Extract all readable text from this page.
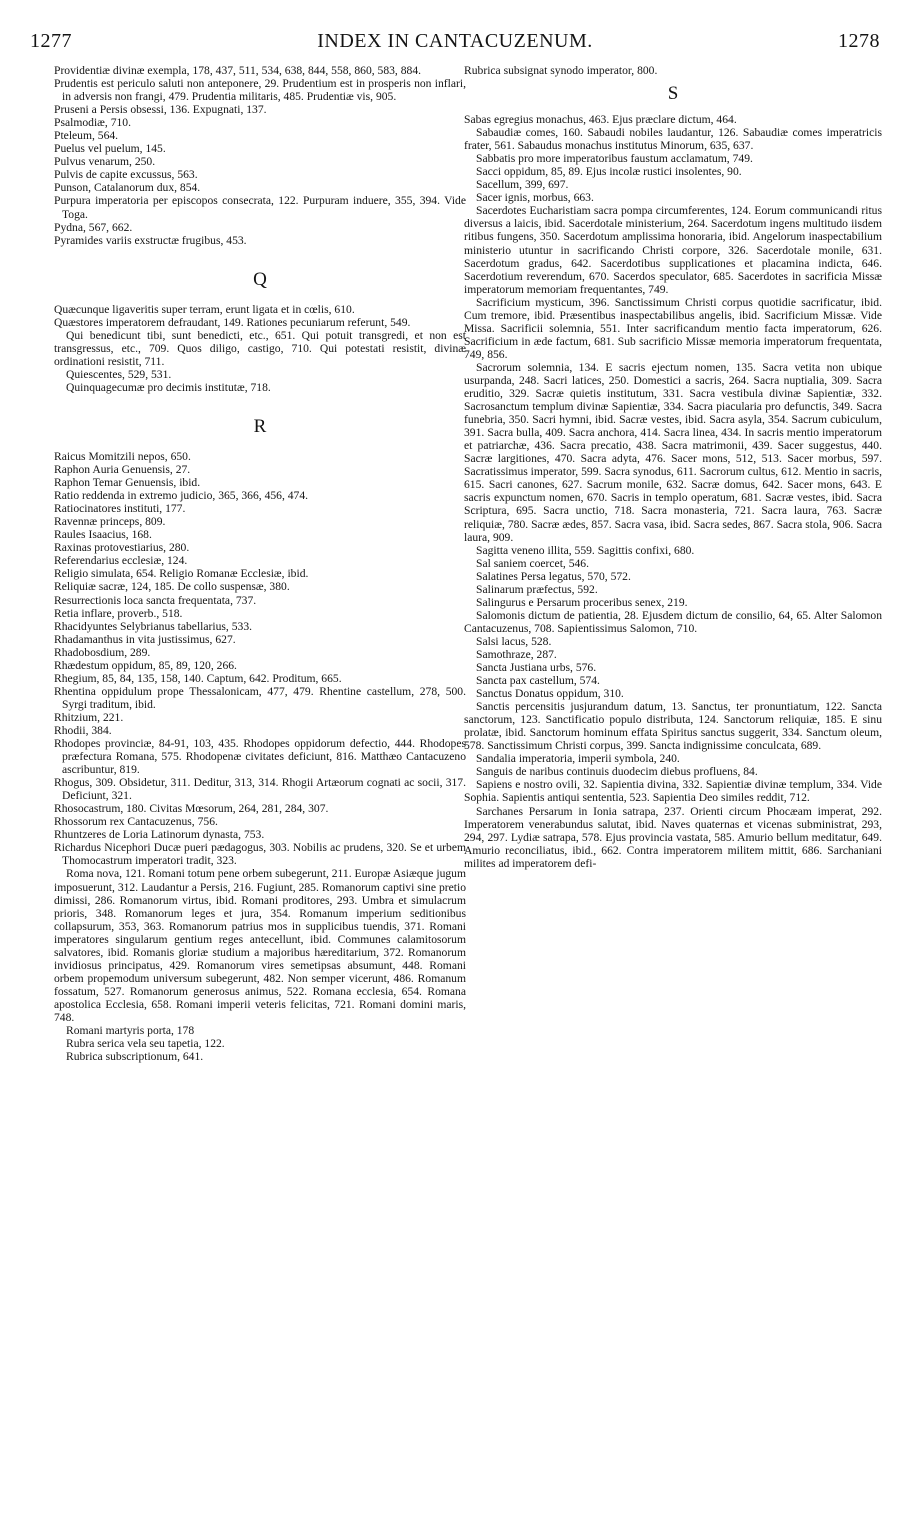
1277	INDEX IN CANTACUZENUM.	1278

Providentiæ divinæ exempla, 178, 437, 511, 534, 638, 844, 558, 860, 583, 884.

Prudentis est periculo saluti non anteponere, 29. Prudentium est in prosperis non inflari, in adversis non frangi, 479. Prudentia militaris, 485. Prudentiæ vis, 905.

Pruseni a Persis obsessi, 136. Expugnati, 137.

Psalmodiæ, 710.

Pteleum, 564.

Puelus vel puelum, 145.

Pulvus venarum, 250.

Pulvis de capite excussus, 563.

Punson, Catalanorum dux, 854.

Purpura imperatoria per episcopos consecrata, 122. Purpuram induere, 355, 394. Vide Toga.

Pydna, 567, 662.

Pyramides variis exstructæ frugibus, 453.

Q

Quæcunque ligaveritis super terram, erunt ligata et in cœlis, 610.

Quæstores imperatorem defraudant, 149. Rationes pecuniarum referunt, 549.

Qui benedicunt tibi, sunt benedicti, etc., 651. Qui potuit transgredi, et non est transgressus, etc., 709. Quos diligo, castigo, 710. Qui potestati resistit, divinæ ordinationi resistit, 711.

Quiescentes, 529, 531.

Quinquagecumæ pro decimis institutæ, 718.

R

Raicus Momitzili nepos, 650.

Raphon Auria Genuensis, 27.

Raphon Temar Genuensis, ibid.

Ratio reddenda in extremo judicio, 365, 366, 456, 474.

Ratiocinatores instituti, 177.

Ravennæ princeps, 809.

Raules Isaacius, 168.

Raxinas protovestiarius, 280.

Referendarius ecclesiæ, 124.

Religio simulata, 654. Religio Romanæ Ecclesiæ, ibid.

Reliquiæ sacræ, 124, 185. De collo suspensæ, 380.

Resurrectionis loca sancta frequentata, 737.

Retia inflare, proverb., 518.

Rhacidyuntes Selybrianus tabellarius, 533.

Rhadamanthus in vita justissimus, 627.

Rhadobosdium, 289.

Rhædestum oppidum, 85, 89, 120, 266.

Rhegium, 85, 84, 135, 158, 140. Captum, 642. Proditum, 665.

Rhentina oppidulum prope Thessalonicam, 477, 479. Rhentine castellum, 278, 500. Syrgi traditum, ibid.

Rhitzium, 221.

Rhodii, 384.

Rhodopes provinciæ, 84-91, 103, 435. Rhodopes oppidorum defectio, 444. Rhodopes præfectura Romana, 575. Rhodopenæ civitates deficiunt, 816. Matthæo Cantacuzeno ascribuntur, 819.

Rhogus, 309. Obsidetur, 311. Deditur, 313, 314. Rhogii Artæorum cognati ac socii, 317. Deficiunt, 321.

Rhosocastrum, 180. Civitas Mœsorum, 264, 281, 284, 307.

Rhossorum rex Cantacuzenus, 756.

Rhuntzeres de Loria Latinorum dynasta, 753.

Richardus Nicephori Ducæ pueri pædagogus, 303. Nobilis ac prudens, 320. Se et urbem Thomocastrum imperatori tradit, 323.

Roma nova, 121. Romani totum pene orbem subegerunt, 211. Europæ Asiæque jugum imposuerunt, 312. Laudantur a Persis, 216. Fugiunt, 285. Romanorum captivi sine pretio dimissi, 286. Romanorum virtus, ibid. Romani proditores, 293. Umbra et simulacrum prioris, 348. Romanorum leges et jura, 354. Romanum imperium seditionibus collapsurum, 353, 363. Romanorum patrius mos in supplicibus tuendis, 371. Romani imperatores singularum gentium reges antecellunt, ibid. Communes calamitosorum salvatores, ibid. Romanis gloriæ studium a majoribus hæreditarium, 372. Romanorum invidiosus principatus, 429. Romanorum vires semetipsas absumunt, 448. Romani orbem propemodum universum subegerunt, 482. Non semper vicerunt, 486. Romanum fossatum, 527. Romanorum generosus animus, 522. Romana ecclesia, 654. Romana apostolica Ecclesia, 658. Romani imperii veteris felicitas, 721. Romani domini maris, 748.

Romani martyris porta, 178

Rubra serica vela seu tapetia, 122.

Rubrica subscriptionum, 641.

Rubrica subsignat synodo imperator, 800.

S

Sabas egregius monachus, 463. Ejus præclare dictum, 464.

Sabaudiæ comes, 160. Sabaudi nobiles laudantur, 126. Sabaudiæ comes imperatricis frater, 561. Sabaudus monachus institutus Minorum, 635, 637.

Sabbatis pro more imperatoribus faustum acclamatum, 749.

Sacci oppidum, 85, 89. Ejus incolæ rustici insolentes, 90.

Sacellum, 399, 697.

Sacer ignis, morbus, 663.

Sacerdotes Eucharistiam sacra pompa circumferentes, 124. Eorum communicandi ritus diversus a laicis, ibid. Sacerdotale ministerium, 264. Sacerdotum ingens multitudo iisdem ritibus fungens, 350. Sacerdotum amplissima honoraria, ibid. Angelorum inaspectabilium ministerio utuntur in sacrificando Christi corpore, 326. Sacerdotale monile, 631. Sacerdotum gradus, 642. Sacerdotibus supplicationes et placamina indicta, 646. Sacerdotium reverendum, 670. Sacerdos speculator, 685. Sacerdotes in sacrificia Missæ imperatorum memoriam frequentantes, 749.

Sacrificium mysticum, 396. Sanctissimum Christi corpus quotidie sacrificatur, ibid. Cum tremore, ibid. Præsentibus inaspectabilibus angelis, ibid. Sacrificium Missæ. Vide Missa. Sacrificii solemnia, 551. Inter sacrificandum mentio facta imperatorum, 626. Sacrificium in æde factum, 681. Sub sacrificio Missæ memoria imperatorum frequentata, 749, 856.

Sacrorum solemnia, 134. E sacris ejectum nomen, 135. Sacra vetita non ubique usurpanda, 248. Sacri latices, 250. Domestici a sacris, 264. Sacra nuptialia, 309. Sacra eruditio, 329. Sacræ quietis institutum, 331. Sacra vestibula divinæ Sapientiæ, 332. Sacrosanctum templum divinæ Sapientiæ, 334. Sacra piacularia pro defunctis, 349. Sacra funebria, 350. Sacri hymni, ibid. Sacræ vestes, ibid. Sacra asyla, 354. Sacrum cubiculum, 391. Sacra bulla, 409. Sacra anchora, 414. Sacra linea, 434. In sacris mentio imperatorum et patriarchæ, 436. Sacra precatio, 438. Sacra matrimonii, 439. Sacer suggestus, 440. Sacræ largitiones, 470. Sacra adyta, 476. Sacer mons, 512, 513. Sacer morbus, 597. Sacratissimus imperator, 599. Sacra synodus, 611. Sacrorum cultus, 612. Mentio in sacris, 615. Sacri canones, 627. Sacrum monile, 632. Sacræ domus, 642. Sacer mons, 643. E sacris expunctum nomen, 670. Sacris in templo operatum, 681. Sacræ vestes, ibid. Sacra Scriptura, 695. Sacra unctio, 718. Sacra monasteria, 721. Sacra laura, 763. Sacræ reliquiæ, 780. Sacræ ædes, 857. Sacra vasa, ibid. Sacra sedes, 867. Sacra stola, 906. Sacra laura, 909.

Sagitta veneno illita, 559. Sagittis confixi, 680.

Sal saniem coercet, 546.

Salatines Persa legatus, 570, 572.

Salinarum præfectus, 592.

Salingurus e Persarum proceribus senex, 219.

Salomonis dictum de patientia, 28. Ejusdem dictum de consilio, 64, 65. Alter Salomon Cantacuzenus, 708. Sapientissimus Salomon, 710.

Salsi lacus, 528.

Samothraze, 287.

Sancta Justiana urbs, 576.

Sancta pax castellum, 574.

Sanctus Donatus oppidum, 310.

Sanctis percensitis jusjurandum datum, 13. Sanctus, ter pronuntiatum, 122. Sancta sanctorum, 123. Sanctificatio populo distributa, 124. Sanctorum reliquiæ, 185. E sinu prolatæ, ibid. Sanctorum hominum effata Spiritus sanctus suggerit, 334. Sanctum oleum, 578. Sanctissimum Christi corpus, 399. Sancta indignissime conculcata, 689.

Sandalia imperatoria, imperii symbola, 240.

Sanguis de naribus continuis duodecim diebus profluens, 84.

Sapiens e nostro ovili, 32. Sapientia divina, 332. Sapientiæ divinæ templum, 334. Vide Sophia. Sapientis antiqui sententia, 523. Sapientia Deo similes reddit, 712.

Sarchanes Persarum in Ionia satrapa, 237. Orienti circum Phocæam imperat, 292. Imperatorem venerabundus salutat, ibid. Naves quaternas et vicenas subministrat, 293, 294, 297. Lydiæ satrapa, 578. Ejus provincia vastata, 585. Amurio bellum meditatur, 649. Amurio reconciliatus, ibid., 662. Contra imperatorem militem mittit, 686. Sarchaniani milites ad imperatorem defi-
